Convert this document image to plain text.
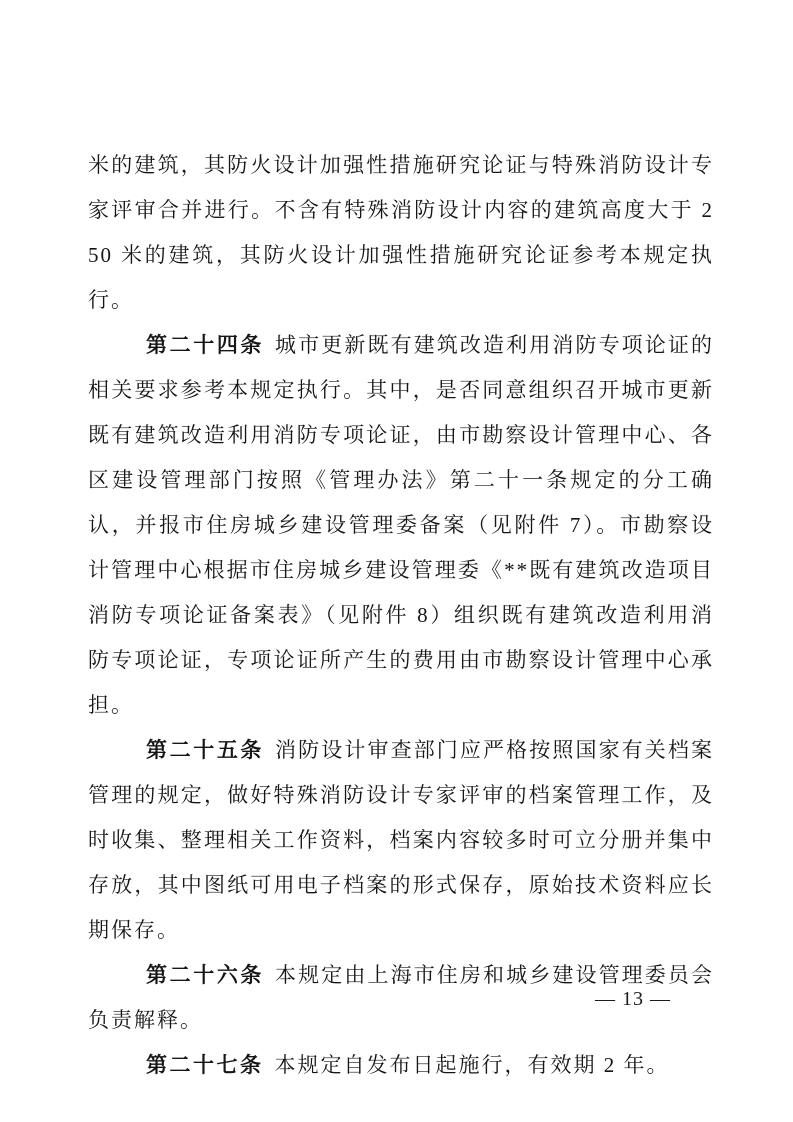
米的建筑，其防火设计加强性措施研究论证与特殊消防设计专家评审合并进行。不含有特殊消防设计内容的建筑高度大于 250 米的建筑，其防火设计加强性措施研究论证参考本规定执行。

第二十四条 城市更新既有建筑改造利用消防专项论证的相关要求参考本规定执行。其中，是否同意组织召开城市更新既有建筑改造利用消防专项论证，由市勘察设计管理中心、各区建设管理部门按照《管理办法》第二十一条规定的分工确认，并报市住房城乡建设管理委备案（见附件 7）。市勘察设计管理中心根据市住房城乡建设管理委《**既有建筑改造项目消防专项论证备案表》（见附件 8）组织既有建筑改造利用消防专项论证，专项论证所产生的费用由市勘察设计管理中心承担。

第二十五条 消防设计审查部门应严格按照国家有关档案管理的规定，做好特殊消防设计专家评审的档案管理工作，及时收集、整理相关工作资料，档案内容较多时可立分册并集中存放，其中图纸可用电子档案的形式保存，原始技术资料应长期保存。

第二十六条 本规定由上海市住房和城乡建设管理委员会负责解释。

第二十七条 本规定自发布日起施行，有效期 2 年。

— 13 —
